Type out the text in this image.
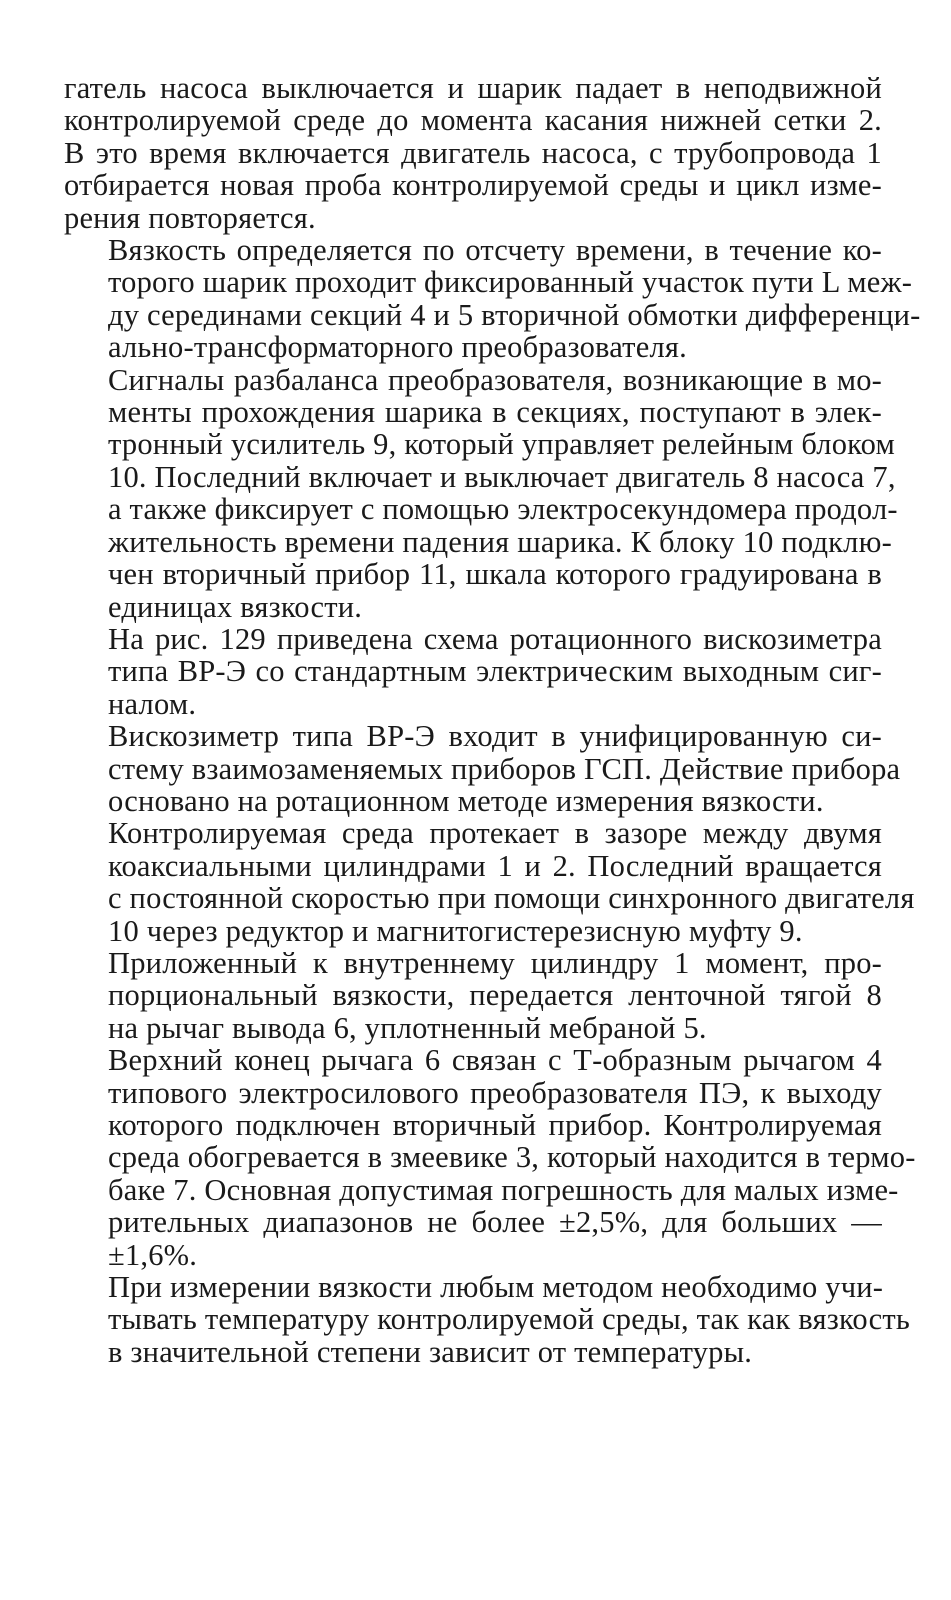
гатель насоса выключается и шарик падает в неподвижной
контролируемой среде до момента касания нижней сетки 2.
В это время включается двигатель насоса, с трубопровода 1
отбирается новая проба контролируемой среды и цикл изме-
рения повторяется.
Вязкость определяется по отсчету времени, в течение ко-
торого шарик проходит фиксированный участок пути L меж-
ду серединами секций 4 и 5 вторичной обмотки дифференци-
ально-трансформаторного преобразователя.
Сигналы разбаланса преобразователя, возникающие в мо-
менты прохождения шарика в секциях, поступают в элек-
тронный усилитель 9, который управляет релейным блоком
10. Последний включает и выключает двигатель 8 насоса 7,
а также фиксирует с помощью электросекундомера продол-
жительность времени падения шарика. К блоку 10 подклю-
чен вторичный прибор 11, шкала которого градуирована в
единицах вязкости.
На рис. 129 приведена схема ротационного вискозиметра
типа ВР-Э со стандартным электрическим выходным сиг-
налом.
Вискозиметр типа ВР-Э входит в унифицированную си-
стему взаимозаменяемых приборов ГСП. Действие прибора
основано на ротационном методе измерения вязкости.
Контролируемая среда протекает в зазоре между двумя
коаксиальными цилиндрами 1 и 2. Последний вращается
с постоянной скоростью при помощи синхронного двигателя
10 через редуктор и магнитогистерезисную муфту 9.
Приложенный к внутреннему цилиндру 1 момент, про-
порциональный вязкости, передается ленточной тягой 8
на рычаг вывода 6, уплотненный мебраной 5.
Верхний конец рычага 6 связан с Т-образным рычагом 4
типового электросилового преобразователя ПЭ, к выходу
которого подключен вторичный прибор. Контролируемая
среда обогревается в змеевике 3, который находится в термо-
баке 7. Основная допустимая погрешность для малых изме-
рительных диапазонов не более ±2,5%, для больших —
±1,6%.
При измерении вязкости любым методом необходимо учи-
тывать температуру контролируемой среды, так как вязкость
в значительной степени зависит от температуры.
